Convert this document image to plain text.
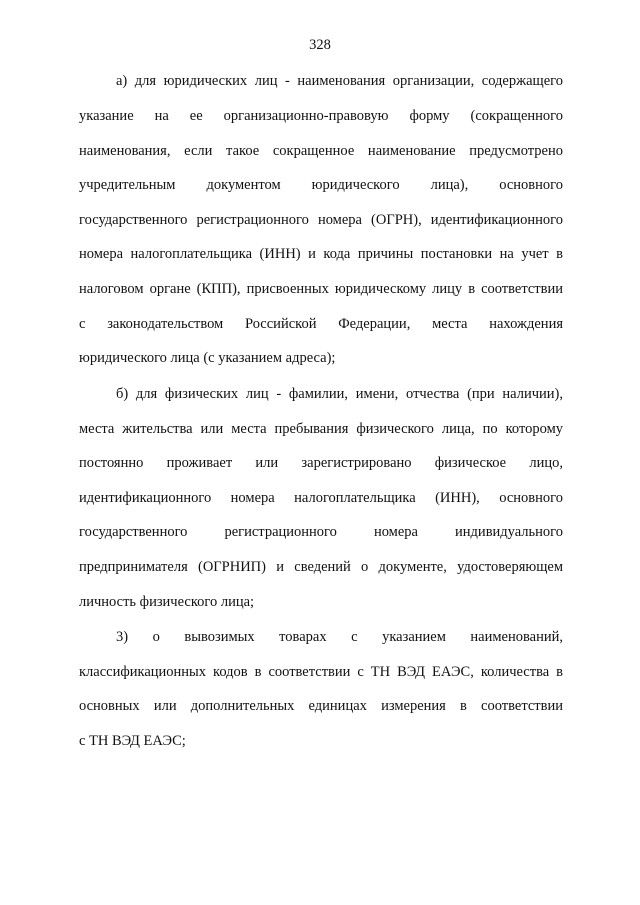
328
а) для юридических лиц - наименования организации, содержащего
указание на ее организационно-правовую форму (сокращенного
наименования, если такое сокращенное наименование предусмотрено
учредительным документом юридического лица), основного
государственного регистрационного номера (ОГРН), идентификационного
номера налогоплательщика (ИНН) и кода причины постановки на учет в
налоговом органе (КПП), присвоенных юридическому лицу в соответствии
с законодательством Российской Федерации, места нахождения
юридического лица (с указанием адреса);
б) для физических лиц - фамилии, имени, отчества (при наличии),
места жительства или места пребывания физического лица, по которому
постоянно проживает или зарегистрировано физическое лицо,
идентификационного номера налогоплательщика (ИНН), основного
государственного регистрационного номера индивидуального
предпринимателя (ОГРНИП) и сведений о документе, удостоверяющем
личность физического лица;
3) о вывозимых товарах с указанием наименований,
классификационных кодов в соответствии с ТН ВЭД ЕАЭС, количества в
основных или дополнительных единицах измерения в соответствии
с ТН ВЭД ЕАЭС;
